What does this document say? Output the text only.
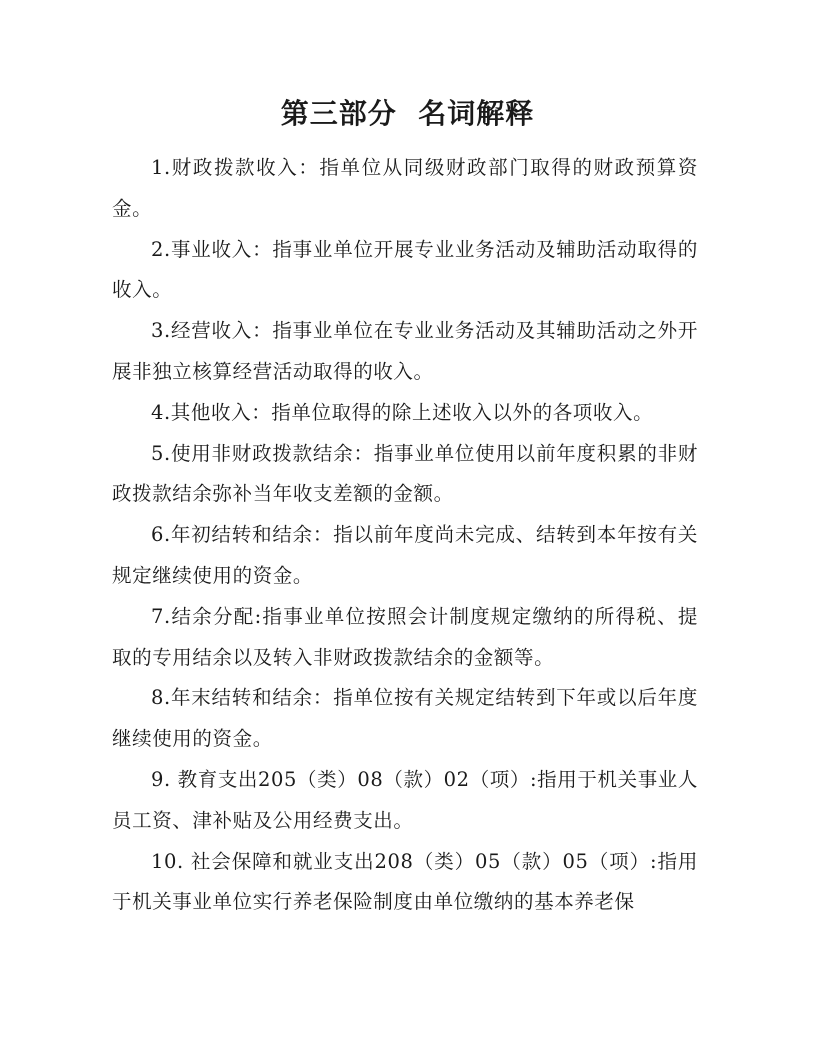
第三部分  名词解释

1.财政拨款收入：指单位从同级财政部门取得的财政预算资金。

2.事业收入：指事业单位开展专业业务活动及辅助活动取得的收入。

3.经营收入：指事业单位在专业业务活动及其辅助活动之外开展非独立核算经营活动取得的收入。

4.其他收入：指单位取得的除上述收入以外的各项收入。

5.使用非财政拨款结余：指事业单位使用以前年度积累的非财政拨款结余弥补当年收支差额的金额。

6.年初结转和结余：指以前年度尚未完成、结转到本年按有关规定继续使用的资金。

7.结余分配:指事业单位按照会计制度规定缴纳的所得税、提取的专用结余以及转入非财政拨款结余的金额等。

8.年末结转和结余：指单位按有关规定结转到下年或以后年度继续使用的资金。

9. 教育支出205（类）08（款）02（项）:指用于机关事业人员工资、津补贴及公用经费支出。

10. 社会保障和就业支出208（类）05（款）05（项）:指用于机关事业单位实行养老保险制度由单位缴纳的基本养老保
